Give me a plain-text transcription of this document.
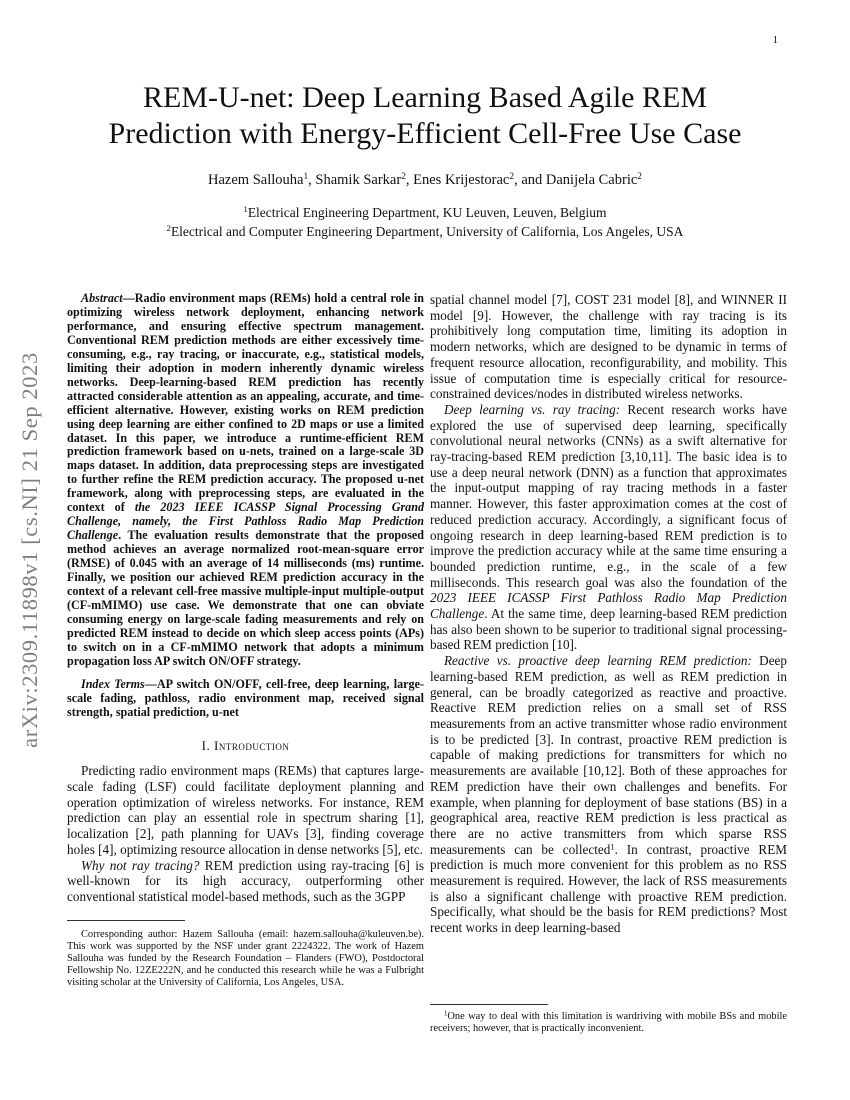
1
arXiv:2309.11898v1 [cs.NI] 21 Sep 2023
REM-U-net: Deep Learning Based Agile REM
Prediction with Energy-Efficient Cell-Free Use Case
Hazem Sallouha$^1$, Shamik Sarkar$^2$, Enes Krijestorac$^2$, and Danijela Cabric$^2$
$^1$Electrical Engineering Department, KU Leuven, Leuven, Belgium
$^2$Electrical and Computer Engineering Department, University of California, Los Angeles, USA

Abstract—Radio environment maps (REMs) hold a central role in optimizing wireless network deployment, enhancing network performance, and ensuring effective spectrum management. Conventional REM prediction methods are either excessively time-consuming, e.g., ray tracing, or inaccurate, e.g., statistical models, limiting their adoption in modern inherently dynamic wireless networks. Deep-learning-based REM prediction has recently attracted considerable attention as an appealing, accurate, and time-efficient alternative. However, existing works on REM prediction using deep learning are either confined to 2D maps or use a limited dataset. In this paper, we introduce a runtime-efficient REM prediction framework based on u-nets, trained on a large-scale 3D maps dataset. In addition, data preprocessing steps are investigated to further refine the REM prediction accuracy. The proposed u-net framework, along with preprocessing steps, are evaluated in the context of the 2023 IEEE ICASSP Signal Processing Grand Challenge, namely, the First Pathloss Radio Map Prediction Challenge. The evaluation results demonstrate that the proposed method achieves an average normalized root-mean-square error (RMSE) of 0.045 with an average of 14 milliseconds (ms) runtime. Finally, we position our achieved REM prediction accuracy in the context of a relevant cell-free massive multiple-input multiple-output (CF-mMIMO) use case. We demonstrate that one can obviate consuming energy on large-scale fading measurements and rely on predicted REM instead to decide on which sleep access points (APs) to switch on in a CF-mMIMO network that adopts a minimum propagation loss AP switch ON/OFF strategy.

Index Terms—AP switch ON/OFF, cell-free, deep learning, large-scale fading, pathloss, radio environment map, received signal strength, spatial prediction, u-net

I. Introduction

Predicting radio environment maps (REMs) that captures large-scale fading (LSF) could facilitate deployment planning and operation optimization of wireless networks. For instance, REM prediction can play an essential role in spectrum sharing [1], localization [2], path planning for UAVs [3], finding coverage holes [4], optimizing resource allocation in dense networks [5], etc.

Why not ray tracing? REM prediction using ray-tracing [6] is well-known for its high accuracy, outperforming other conventional statistical model-based methods, such as the 3GPP

Corresponding author: Hazem Sallouha (email: hazem.sallouha@kuleuven.be). This work was supported by the NSF under grant 2224322. The work of Hazem Sallouha was funded by the Research Foundation – Flanders (FWO), Postdoctoral Fellowship No. 12ZE222N, and he conducted this research while he was a Fulbright visiting scholar at the University of California, Los Angeles, USA.

spatial channel model [7], COST 231 model [8], and WINNER II model [9]. However, the challenge with ray tracing is its prohibitively long computation time, limiting its adoption in modern networks, which are designed to be dynamic in terms of frequent resource allocation, reconfigurability, and mobility. This issue of computation time is especially critical for resource-constrained devices/nodes in distributed wireless networks.

Deep learning vs. ray tracing: Recent research works have explored the use of supervised deep learning, specifically convolutional neural networks (CNNs) as a swift alternative for ray-tracing-based REM prediction [3,10,11]. The basic idea is to use a deep neural network (DNN) as a function that approximates the input-output mapping of ray tracing methods in a faster manner. However, this faster approximation comes at the cost of reduced prediction accuracy. Accordingly, a significant focus of ongoing research in deep learning-based REM prediction is to improve the prediction accuracy while at the same time ensuring a bounded prediction runtime, e.g., in the scale of a few milliseconds. This research goal was also the foundation of the 2023 IEEE ICASSP First Pathloss Radio Map Prediction Challenge. At the same time, deep learning-based REM prediction has also been shown to be superior to traditional signal processing-based REM prediction [10].

Reactive vs. proactive deep learning REM prediction: Deep learning-based REM prediction, as well as REM prediction in general, can be broadly categorized as reactive and proactive. Reactive REM prediction relies on a small set of RSS measurements from an active transmitter whose radio environment is to be predicted [3]. In contrast, proactive REM prediction is capable of making predictions for transmitters for which no measurements are available [10,12]. Both of these approaches for REM prediction have their own challenges and benefits. For example, when planning for deployment of base stations (BS) in a geographical area, reactive REM prediction is less practical as there are no active transmitters from which sparse RSS measurements can be collected$^1$. In contrast, proactive REM prediction is much more convenient for this problem as no RSS measurement is required. However, the lack of RSS measurements is also a significant challenge with proactive REM prediction. Specifically, what should be the basis for REM predictions? Most recent works in deep learning-based

$^1$One way to deal with this limitation is wardriving with mobile BSs and mobile receivers; however, that is practically inconvenient.
